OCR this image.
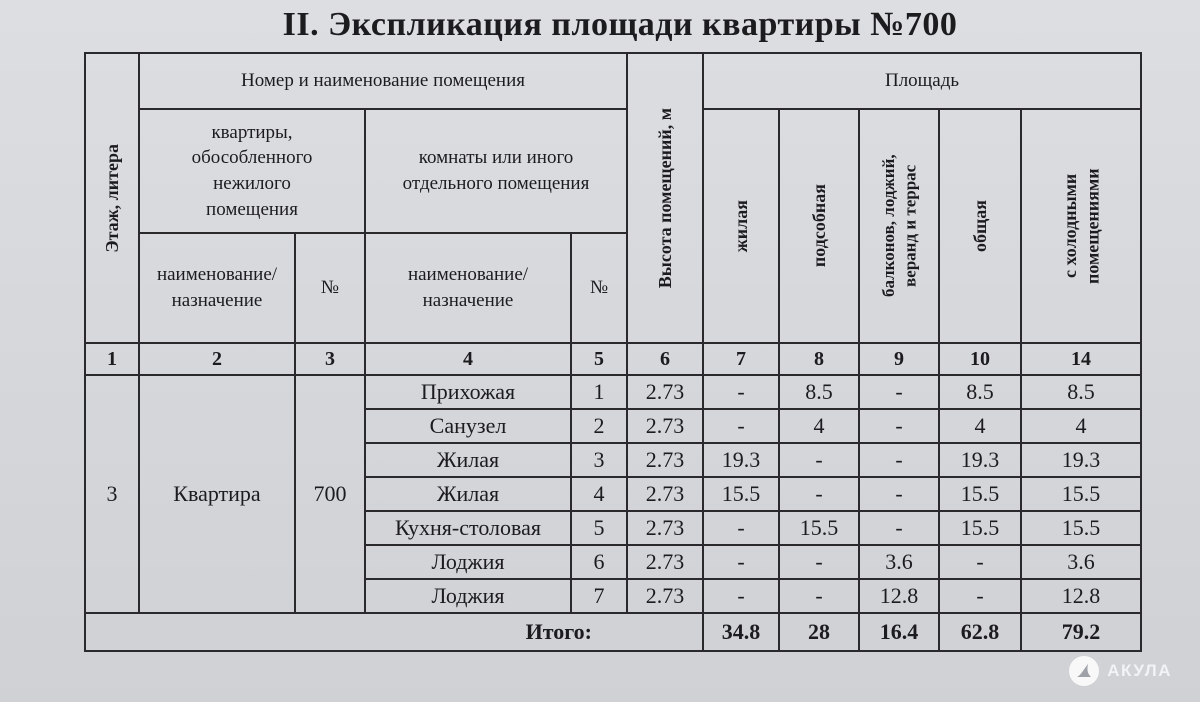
II. Экспликация площади квартиры №700
Этаж, литера	Номер и наименование помещения				Высота помещений, м	Площадь				
	квартиры, обособленного нежилого помещения		комнаты или иного отдельного помещения			жилая	подсобная	балконов, лоджий, веранд и террас	общая	с холодными помещениями

	наименование/ назначение	№	наименование/ назначение	№						
1	2	3	4	5	6	7	8	9	10	14
3	Квартира	700	Прихожая	1	2.73	-	8.5	-	8.5	8.5
			Санузел	2	2.73	-	4	-	4	4
			Жилая	3	2.73	19.3	-	-	19.3	19.3
			Жилая	4	2.73	15.5	-	-	15.5	15.5
			Кухня-столовая	5	2.73	-	15.5	-	15.5	15.5
			Лоджия	6	2.73	-	-	3.6	-	3.6
			Лоджия	7	2.73	-	-	12.8	-	12.8
Итого:						34.8	28	16.4	62.8	79.2
АКУЛА
